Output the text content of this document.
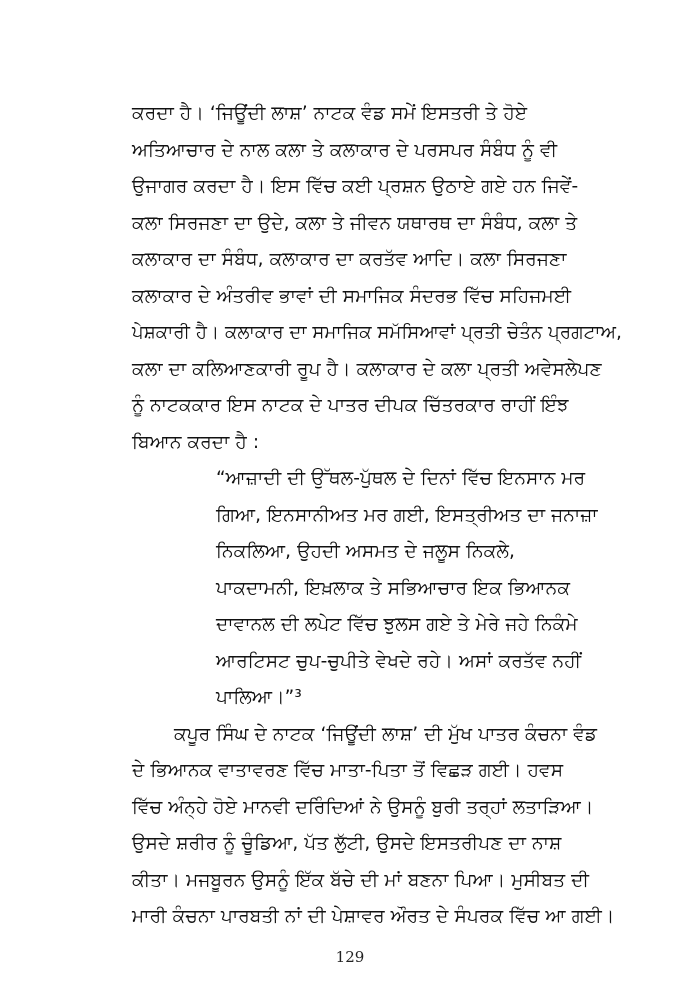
ਕਰਦਾ ਹੈ। ‘ਜਿਊਂਦੀ ਲਾਸ਼’ ਨਾਟਕ ਵੰਡ ਸਮੇਂ ਇਸਤਰੀ ਤੇ ਹੋਏ
ਅਤਿਆਚਾਰ ਦੇ ਨਾਲ ਕਲਾ ਤੇ ਕਲਾਕਾਰ ਦੇ ਪਰਸਪਰ ਸੰਬੰਧ ਨੂੰ ਵੀ
ਉਜਾਗਰ ਕਰਦਾ ਹੈ। ਇਸ ਵਿੱਚ ਕਈ ਪ੍ਰਸ਼ਨ ਉਠਾਏ ਗਏ ਹਨ ਜਿਵੇਂ-
ਕਲਾ ਸਿਰਜਣਾ ਦਾ ਉਦੇ, ਕਲਾ ਤੇ ਜੀਵਨ ਯਥਾਰਥ ਦਾ ਸੰਬੰਧ, ਕਲਾ ਤੇ
ਕਲਾਕਾਰ ਦਾ ਸੰਬੰਧ, ਕਲਾਕਾਰ ਦਾ ਕਰਤੱਵ ਆਦਿ। ਕਲਾ ਸਿਰਜਣਾ
ਕਲਾਕਾਰ ਦੇ ਅੰਤਰੀਵ ਭਾਵਾਂ ਦੀ ਸਮਾਜਿਕ ਸੰਦਰਭ ਵਿੱਚ ਸਹਿਜਮਈ
ਪੇਸ਼ਕਾਰੀ ਹੈ। ਕਲਾਕਾਰ ਦਾ ਸਮਾਜਿਕ ਸਮੱਸਿਆਵਾਂ ਪ੍ਰਤੀ ਚੇਤੰਨ ਪ੍ਰਗਟਾਅ,
ਕਲਾ ਦਾ ਕਲਿਆਣਕਾਰੀ ਰੂਪ ਹੈ। ਕਲਾਕਾਰ ਦੇ ਕਲਾ ਪ੍ਰਤੀ ਅਵੇਸਲੇਪਣ
ਨੂੰ ਨਾਟਕਕਾਰ ਇਸ ਨਾਟਕ ਦੇ ਪਾਤਰ ਦੀਪਕ ਚਿੱਤਰਕਾਰ ਰਾਹੀਂ ਇੰਝ
ਬਿਆਨ ਕਰਦਾ ਹੈ :
“ਆਜ਼ਾਦੀ ਦੀ ਉੱਥਲ-ਪੁੱਥਲ ਦੇ ਦਿਨਾਂ ਵਿੱਚ ਇਨਸਾਨ ਮਰ
ਗਿਆ, ਇਨਸਾਨੀਅਤ ਮਰ ਗਈ, ਇਸਤ੍ਰੀਅਤ ਦਾ ਜਨਾਜ਼ਾ
ਨਿਕਲਿਆ, ਉਹਦੀ ਅਸਮਤ ਦੇ ਜਲੂਸ ਨਿਕਲੇ,
ਪਾਕਦਾਮਨੀ, ਇਖ਼ਲਾਕ ਤੇ ਸਭਿਆਚਾਰ ਇਕ ਭਿਆਨਕ
ਦਾਵਾਨਲ ਦੀ ਲਪੇਟ ਵਿੱਚ ਝੁਲਸ ਗਏ ਤੇ ਮੇਰੇ ਜਹੇ ਨਿਕੰਮੇ
ਆਰਟਿਸਟ ਚੁਪ-ਚੁਪੀਤੇ ਵੇਖਦੇ ਰਹੇ। ਅਸਾਂ ਕਰਤੱਵ ਨਹੀਂ
ਪਾਲਿਆ।”³
ਕਪੂਰ ਸਿੰਘ ਦੇ ਨਾਟਕ ‘ਜਿਊਂਦੀ ਲਾਸ਼’ ਦੀ ਮੁੱਖ ਪਾਤਰ ਕੰਚਨਾ ਵੰਡ
ਦੇ ਭਿਆਨਕ ਵਾਤਾਵਰਣ ਵਿੱਚ ਮਾਤਾ-ਪਿਤਾ ਤੋਂ ਵਿਛੜ ਗਈ। ਹਵਸ
ਵਿੱਚ ਅੰਨ੍ਹੇ ਹੋਏ ਮਾਨਵੀ ਦਰਿੰਦਿਆਂ ਨੇ ਉਸਨੂੰ ਬੁਰੀ ਤਰ੍ਹਾਂ ਲਤਾੜਿਆ।
ਉਸਦੇ ਸ਼ਰੀਰ ਨੂੰ ਚੂੰਡਿਆ, ਪੱਤ ਲੁੱਟੀ, ਉਸਦੇ ਇਸਤਰੀਪਣ ਦਾ ਨਾਸ਼
ਕੀਤਾ। ਮਜਬੂਰਨ ਉਸਨੂੰ ਇੱਕ ਬੱਚੇ ਦੀ ਮਾਂ ਬਣਨਾ ਪਿਆ। ਮੁਸੀਬਤ ਦੀ
ਮਾਰੀ ਕੰਚਨਾ ਪਾਰਬਤੀ ਨਾਂ ਦੀ ਪੇਸ਼ਾਵਰ ਔਰਤ ਦੇ ਸੰਪਰਕ ਵਿੱਚ ਆ ਗਈ।
129
